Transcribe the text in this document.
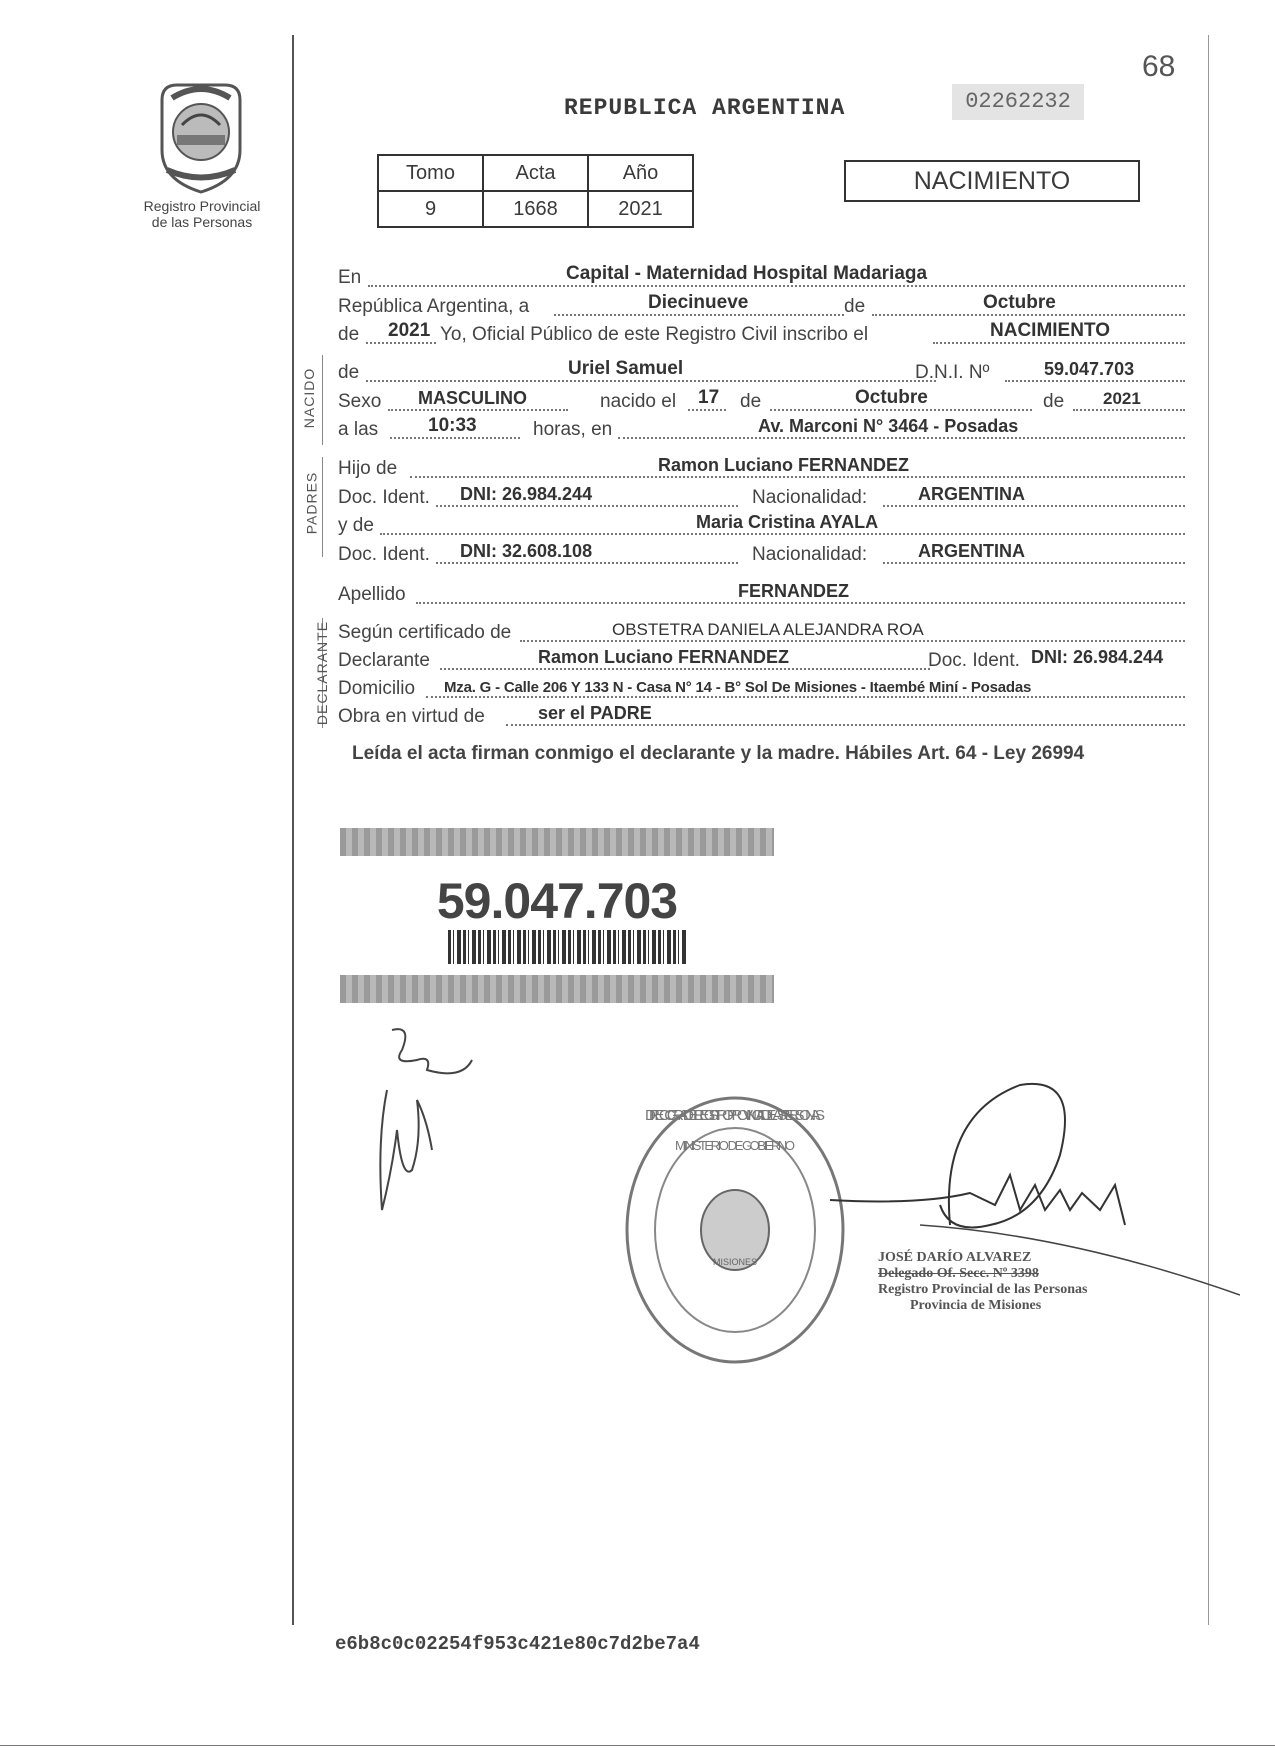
Registro Provincial
de las Personas
68
REPUBLICA ARGENTINA	02262232
NACIMIENTO
Tomo	Acta	Año
9	1668	2021
En	Capital - Maternidad Hospital Madariaga
República Argentina, a	Diecinueve	de	Octubre
de 2021 Yo, Oficial Público de este Registro Civil inscribo el	NACIMIENTO
NACIDO de	Uriel Samuel	D.N.I. Nº	59.047.703
Sexo MASCULINO	nacido el 17 de	Octubre	de 2021
a las	10:33	horas, en	Av. Marconi N° 3464 - Posadas
PADRES
Hijo de	Ramon Luciano FERNANDEZ
Doc. Ident. DNI: 26.984.244	Nacionalidad:	ARGENTINA
y de	Maria Cristina AYALA
Doc. Ident. DNI: 32.608.108	Nacionalidad:	ARGENTINA
Apellido	FERNANDEZ
DECLARANTE Según certificado de	OBSTETRA DANIELA ALEJANDRA ROA
Declarante	Ramon Luciano FERNANDEZ	Doc. Ident. DNI: 26.984.244
Domicilio Mza. G - Calle 206 Y 133 N - Casa N° 14 - B° Sol De Misiones - Itaembé Miní - Posadas
Obra en virtud de	ser el PADRE
Leída el acta firman conmigo el declarante y la madre. Hábiles Art. 64 - Ley 26994
59.047.703
DIRECC. GRAL. DEL REGISTRO PROVINCIAL DE LAS PERSONAS
MINISTERIO DE GOBIERNO
MISIONES	JOSÉ DARÍO ALVAREZ
Delegado Of. Secc. Nº 3398
Registro Provincial de las Personas
Provincia de Misiones
e6b8c0c02254f953c421e80c7d2be7a4
